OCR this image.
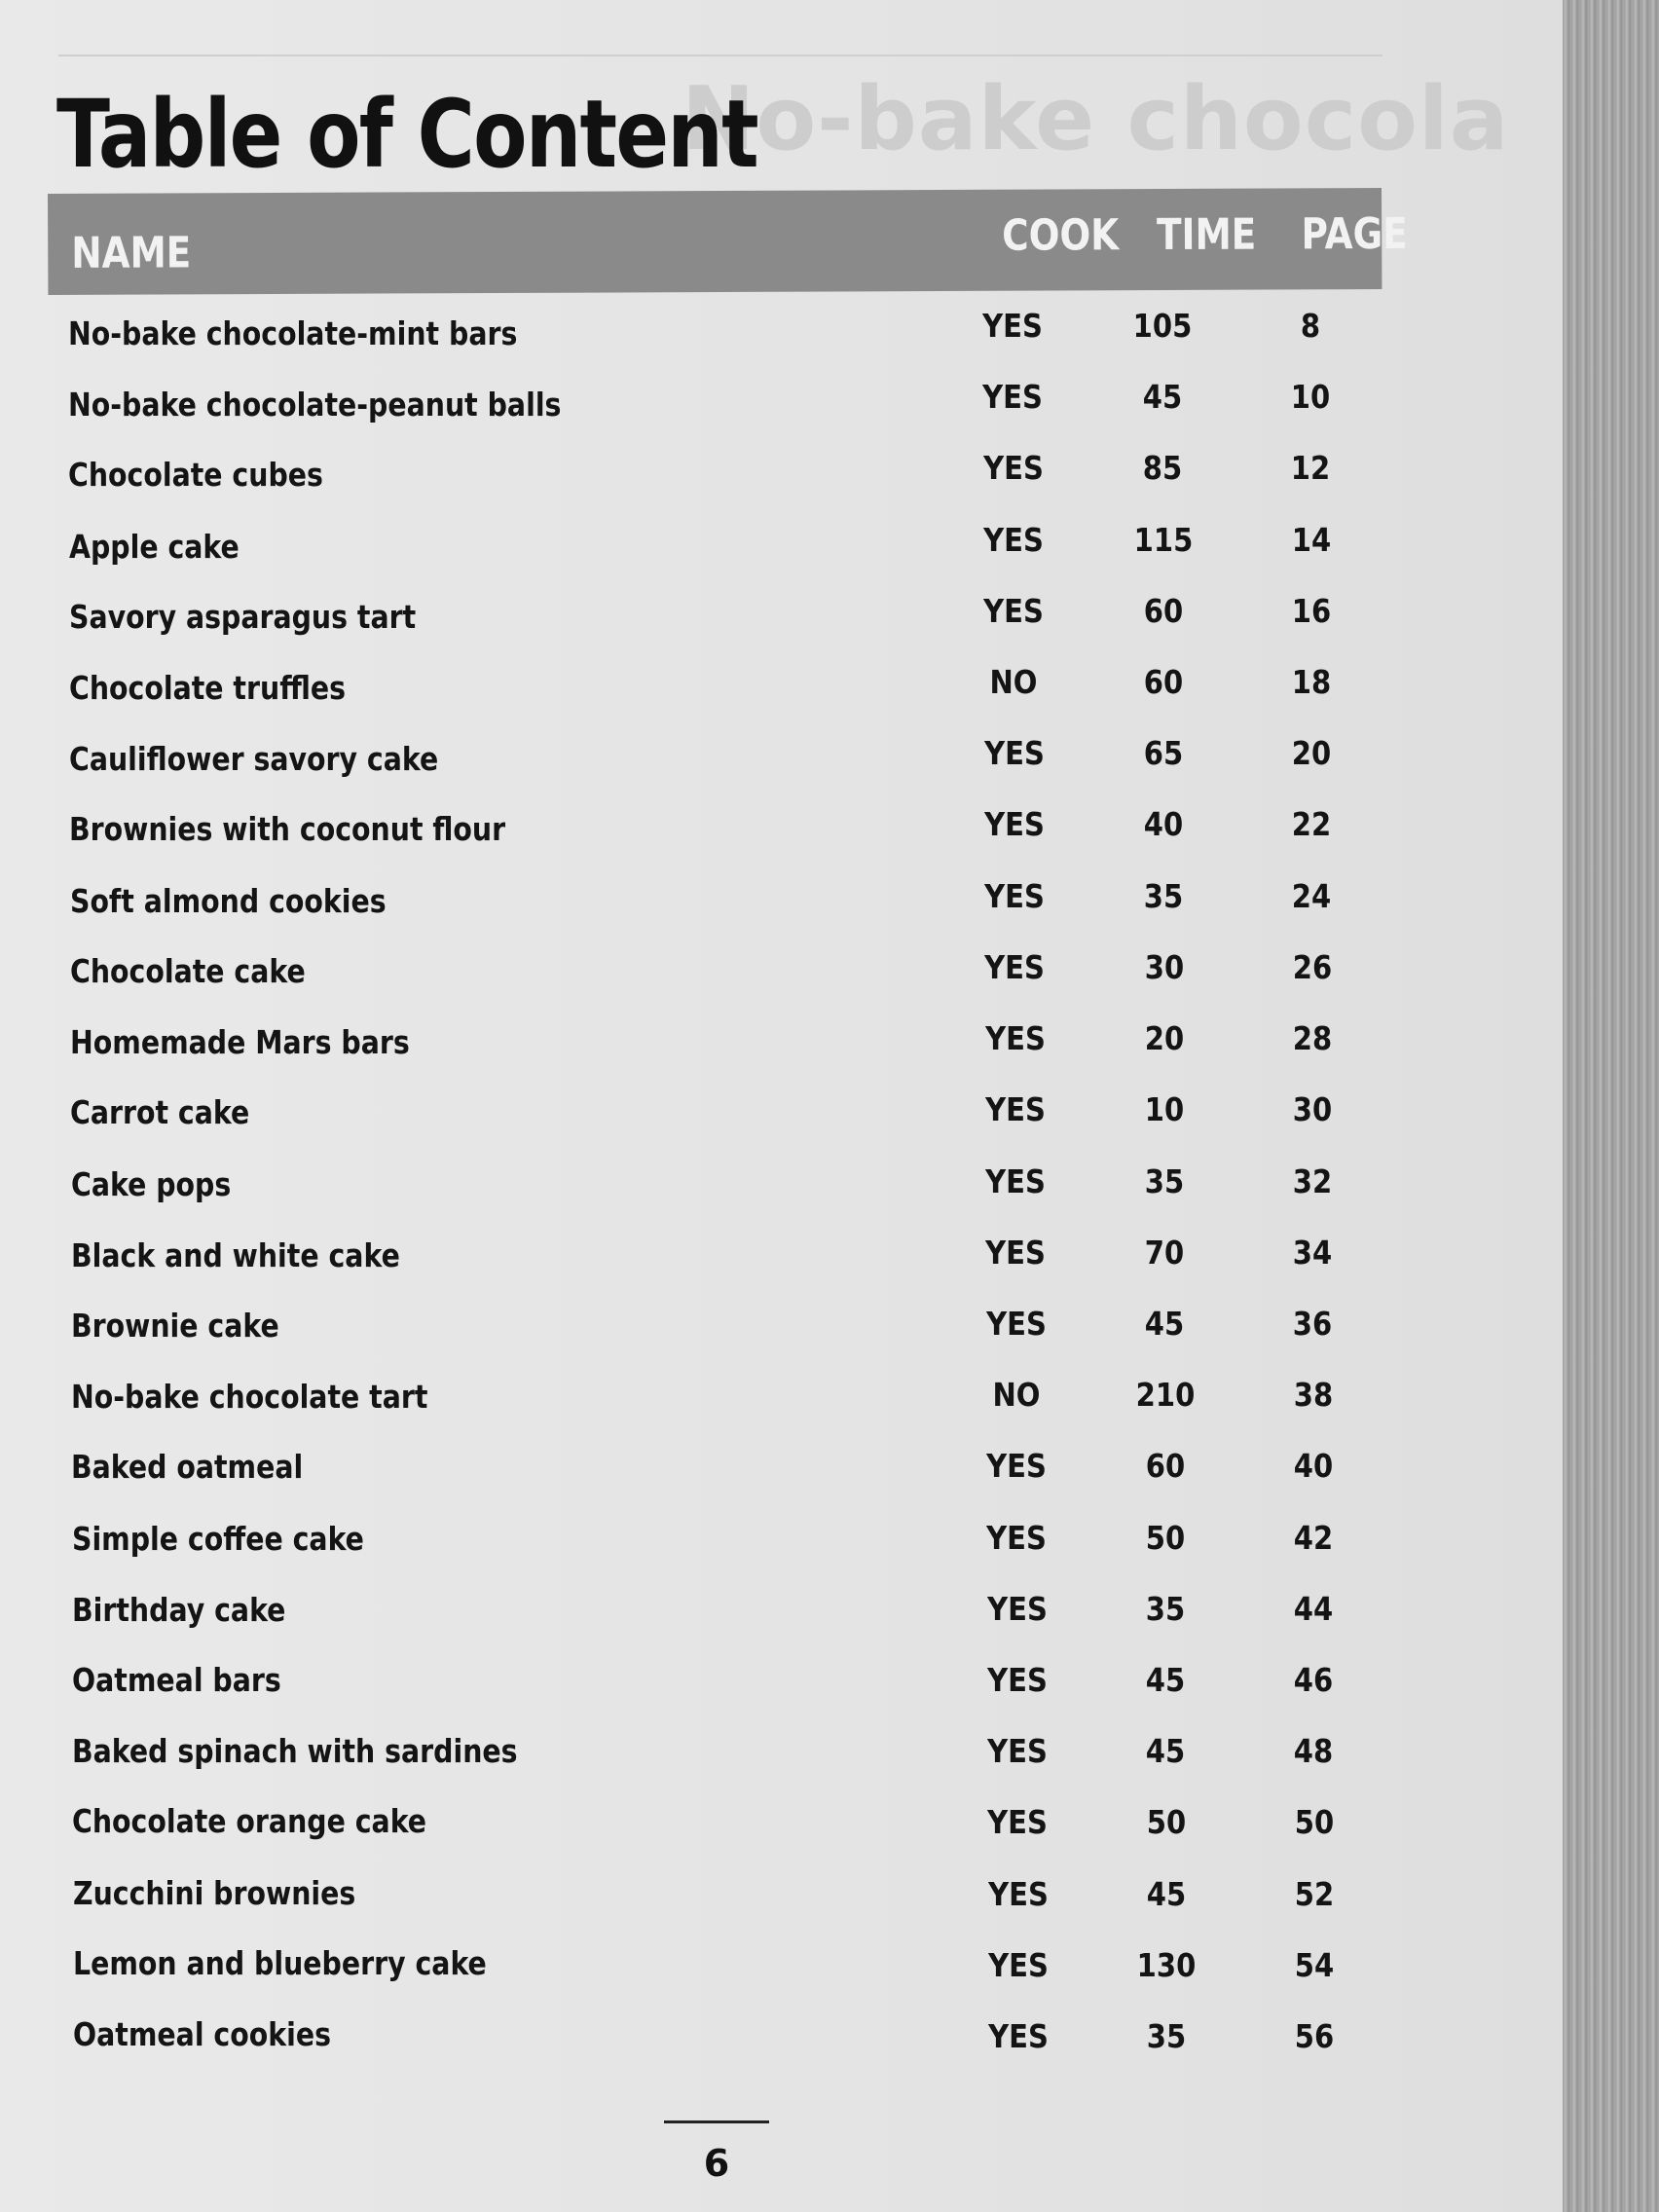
No-bake chocola
Table of Content
NAME	COOK TIME	PAGE
No-bake chocolate-mint bars	YES	105	8
No-bake chocolate-peanut balls	YES	45	10
Chocolate cubes	YES	85	12
Apple cake	YES	115	14
Savory asparagus tart	YES	60	16
Chocolate truffles	NO	60	18
Cauliflower savory cake	YES	65	20
Brownies with coconut flour	YES	40	22
Soft almond cookies	YES	35	24
Chocolate cake	YES	30	26
Homemade Mars bars	YES	20	28
Carrot cake	YES	10	30
Cake pops	YES	35	32
Black and white cake	YES	70	34
Brownie cake	YES	45	36
No-bake chocolate tart	NO	210	38
Baked oatmeal	YES	60	40
Simple coffee cake	YES	50	42
Birthday cake	YES	35	44
Oatmeal bars	YES	45	46
Baked spinach with sardines	YES	45	48
Chocolate orange cake	YES	50	50
Zucchini brownies	YES	45	52
Lemon and blueberry cake	YES	130	54
Oatmeal cookies	YES	35	56
6
